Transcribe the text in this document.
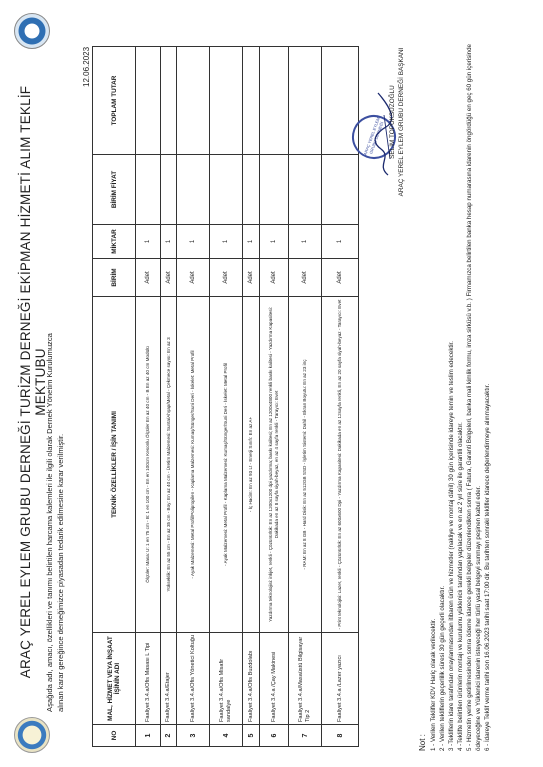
ARAÇ YEREL EYLEM GRUBU DERNEĞİ TURİZM DERNEĞİ EKİPMAN HİZMETİ ALIM TEKLİF MEKTUBU
Aşağıda adı, amacı, özellikleri ve tanımı belirtilen harcama kalemleri ile ilgili olarak Dernek Yönetim Kurulumuzca alınan karar gereğince derneğimizce piyasadan tedarik edilmesine karar verilmiştir.
12.06.2023
NO	MAL, HİZMET VEYA İNŞAAT İŞİNİN ADI	TEKNİK ÖZELLİKLER / İŞİN TANIMI	BİRİM	MİKTAR	BİRİM FİYAT	TOPLAM TUTAR
1	Faaliyet 3.4.a/Ofis Masası L Tipi	Ölçüler: Masa: U: 1 en 75 cm - B: 1 en 100 cm - En en 100cm Kesonlu Ölçüler En az 40 cm - B En az 40 cm Modülü	Adet	1		
2	Faaliyet 3.4.a/Etajer	Yükseklik: En az 55 cm - En az 35 cm - Boy: En az 40 cm - Üretim Malzemesi: Sunta/Ahşap/Metal - Çekmece sayısı: En az 3	Adet	1		
3	Faaliyet 3.4.a/Ofis Yönetici Koltuğu	- Ayak Malzemesi: Metal Profil/Polipropilen - Kaplama Malzemesi: Kumaş/Sünger/Suni Deri - İskelet: Metal Profil	Adet	1		
4	Faaliyet 3.4.a/Ofis Misafir sandalye	- Ayak Malzemesi: Metal Profil - Kaplama Malzemesi: Kumaş/Sünger/Suni Deri - İskelet: Metal Profil	Adet	1		
5	Faaliyet 3.4.a/Ofis Buzdolabı	- İç Hacim: En az 93 Lt - Enerji Sınıfı: En az A+	Adet	1		
6	Faaliyet 3.4.a /Çay Makinesi	Yazdırma teknolojisi: inkjet, renkli - Çözünürlük: En az 1200x1200 dpi yazdırma; baskı kalitesi; En az 1200x4800 renkli baskı kalitesi - Yazdırma Kapasitesi: Dakikada en az 8 sayfa siyah-beyaz, en az 4 sayfa renkli - Tarayıcı: Evet	Adet	1		
7	Faaliyet 3.4.a/Masaüstü Bilgisayar Tip 2	- RAM: En az 8 GB - Hard Disk: En az 512GB SSD - İşletim Sistemi: Dahil - Ekran Boyutu: En az 23 inç	Adet	1		
8	Faaliyet 3.4.a /Lazer yazıcı	- Print teknolojisi: Lazer, renkli - Çözünürlük: En az 600x600 Dpi - Yazdırma Kapasitesi: Dakikada en az 12sayfa renkli, En az 20 sayfa siyah-beyaz - Tarayıcı: Evet	Adet	1		
ARAÇ YEREL EYLEM GRUBU DERNEĞİ SELİM TOPUKSUZOĞLU ARAÇ YEREL EYLEM GRUBU DERNEĞİ BAŞKANI
Not : 1 - Verilen Teklifler KDV Hariç olarak verilecektir. 2 - Verilen tekliflerin geçerlilik süresi 30 gün geçerli olacaktır. 3 -Tekliflerin idare tarafından onaylanmasından itibaren ürün ve hizmetler (nakliye ve montaj dâhil) 30 gün içerisinde idareye temin ve teslim edecektir. 4 -Teklifte belirtilen ürünlerin montajı ve kurulumu yükleniciı tarafından yapılacak ve en az 2 yıl süre ile garantili olacaktır. 5 - Hizmetin yerine getirilmesinden sonra ödeme idarece gerekli belgeler düzenlendikten sonra ( Fatura, Garanti Belgeleri, banka mali kimlik formu, imza sirküsü v.b. ) Firmamızca belirtilen banka hesap numarasına idarenin öngördüğü en geç 60 gün içerisinde ödeyeceğine ve Yüklenici idarenin isteyeceği her türlü yasal belgeyi sunmayı peşinen kabul eder. 6 - İdareye Teklif verme tarihi son 16.06.2023 tarihi saat 17:00 dir. Bu tarihten sonraki teklifler idarece değerlendirmeye alınmayacaktır.
